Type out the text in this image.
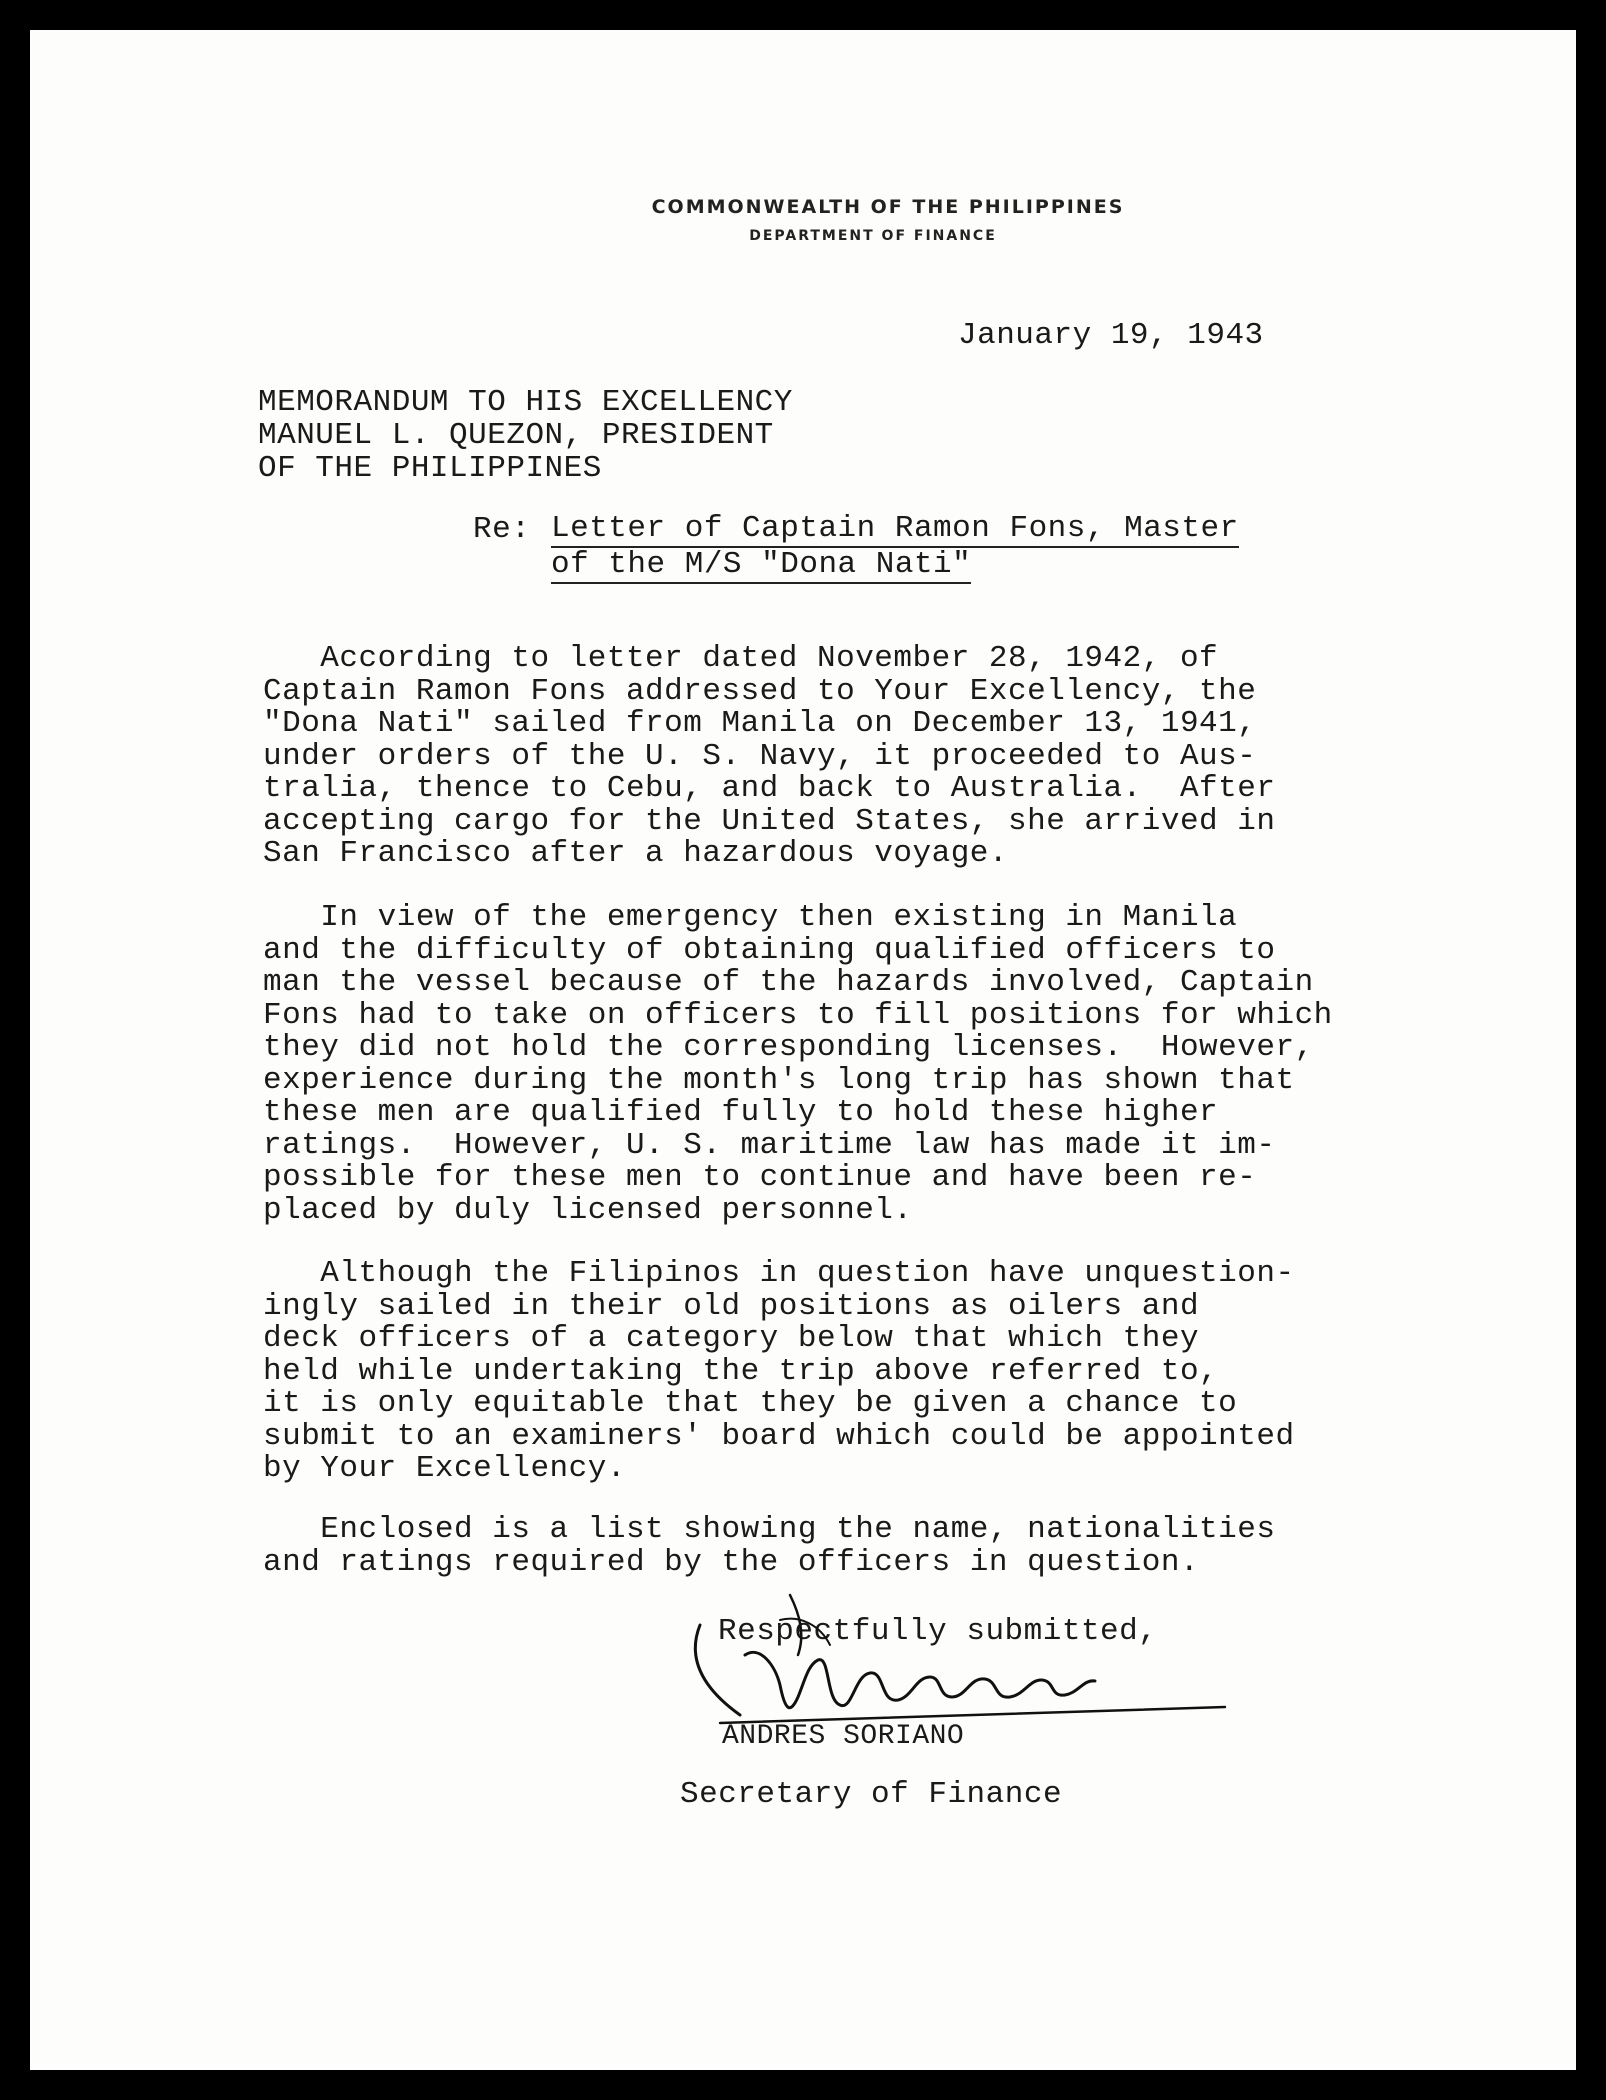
COMMONWEALTH OF THE PHILIPPINES
DEPARTMENT OF FINANCE
January 19, 1943
MEMORANDUM TO HIS EXCELLENCY
MANUEL L. QUEZON, PRESIDENT
OF THE PHILIPPINES
Re: Letter of Captain Ramon Fons, Master
of the M/S "Dona Nati"
According to letter dated November 28, 1942, of
Captain Ramon Fons addressed to Your Excellency, the
"Dona Nati" sailed from Manila on December 13, 1941,
under orders of the U. S. Navy, it proceeded to Aus-
tralia, thence to Cebu, and back to Australia.  After
accepting cargo for the United States, she arrived in
San Francisco after a hazardous voyage.
In view of the emergency then existing in Manila
and the difficulty of obtaining qualified officers to
man the vessel because of the hazards involved, Captain
Fons had to take on officers to fill positions for which
they did not hold the corresponding licenses.  However,
experience during the month's long trip has shown that
these men are qualified fully to hold these higher
ratings.  However, U. S. maritime law has made it im-
possible for these men to continue and have been re-
placed by duly licensed personnel.
Although the Filipinos in question have unquestion-
ingly sailed in their old positions as oilers and
deck officers of a category below that which they
held while undertaking the trip above referred to,
it is only equitable that they be given a chance to
submit to an examiners' board which could be appointed
by Your Excellency.
Enclosed is a list showing the name, nationalities
and ratings required by the officers in question.
Respectfully submitted,
ANDRES SORIANO
Secretary of Finance
